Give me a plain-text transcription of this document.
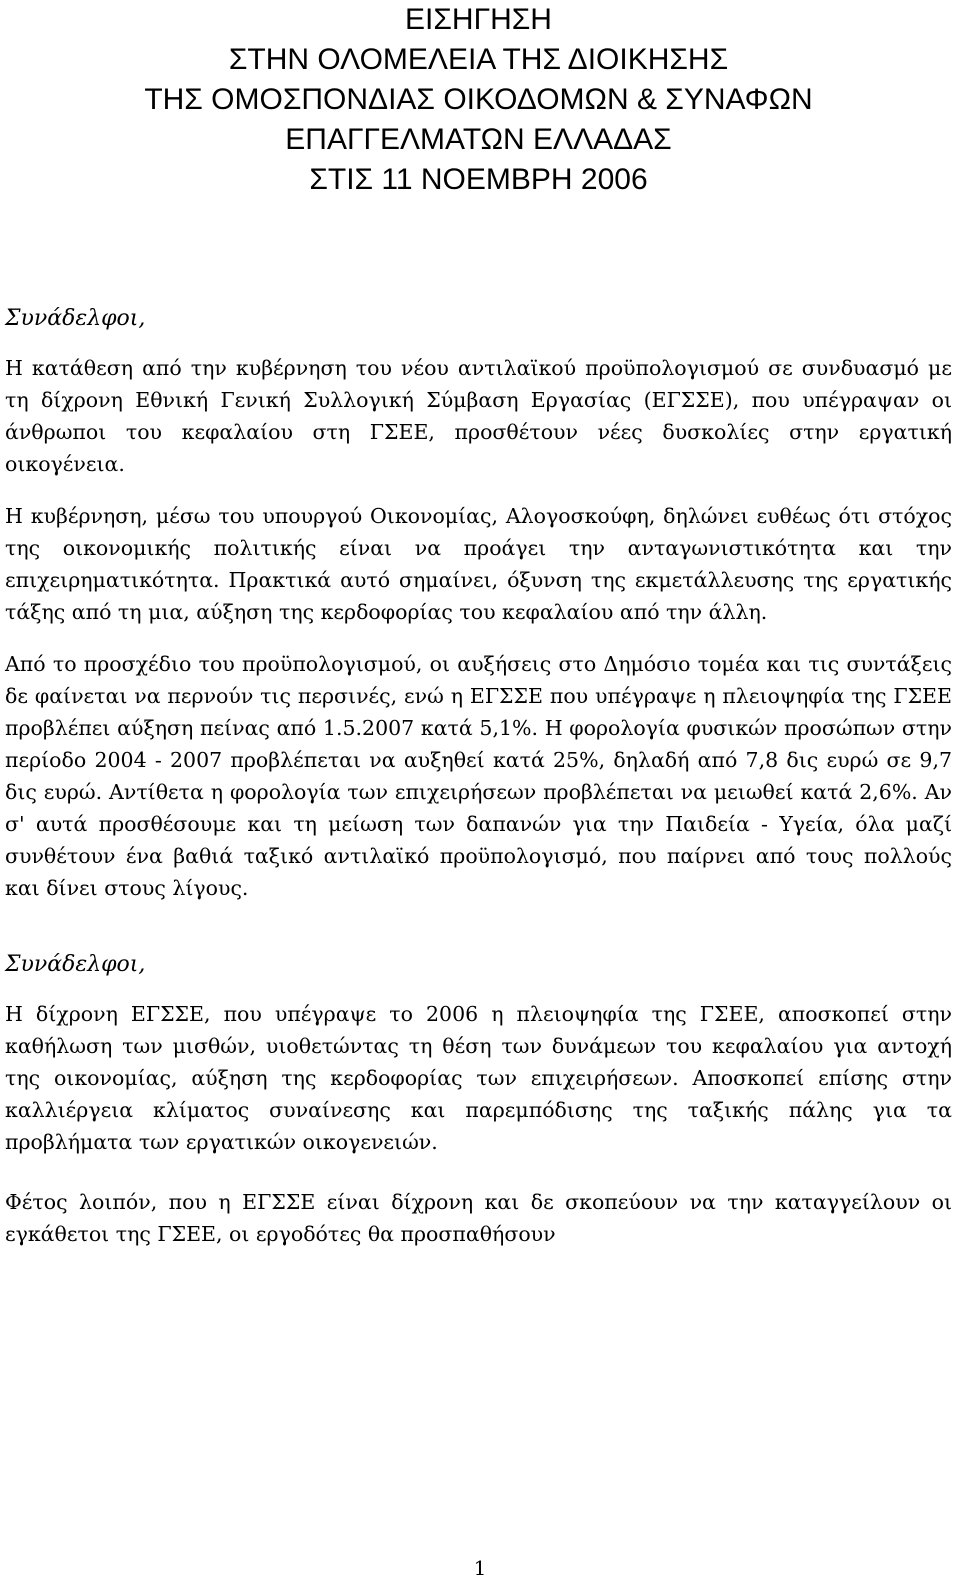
ΕΙΣΗΓΗΣΗ
ΣΤΗΝ ΟΛΟΜΕΛΕΙΑ ΤΗΣ ΔΙΟΙΚΗΣΗΣ
ΤΗΣ ΟΜΟΣΠΟΝΔΙΑΣ ΟΙΚΟΔΟΜΩΝ & ΣΥΝΑΦΩΝ
ΕΠΑΓΓΕΛΜΑΤΩΝ ΕΛΛΑΔΑΣ
ΣΤΙΣ 11 ΝΟΕΜΒΡΗ 2006

Συνάδελφοι,

Η κατάθεση από την κυβέρνηση του νέου αντιλαϊκού προϋπολογισμού σε συνδυασμό με τη δίχρονη Εθνική Γενική Συλλογική Σύμβαση Εργασίας (ΕΓΣΣΕ), που υπέγραψαν οι άνθρωποι του κεφαλαίου στη ΓΣΕΕ, προσθέτουν νέες δυσκολίες στην εργατική οικογένεια.

Η κυβέρνηση, μέσω του υπουργού Οικονομίας, Αλογοσκούφη, δηλώνει ευθέως ότι στόχος της οικονομικής πολιτικής είναι να προάγει την ανταγωνιστικότητα και την επιχειρηματικότητα. Πρακτικά αυτό σημαίνει, όξυνση της εκμετάλλευσης της εργατικής τάξης από τη μια, αύξηση της κερδοφορίας του κεφαλαίου από την άλλη.

Από το προσχέδιο του προϋπολογισμού, οι αυξήσεις στο Δημόσιο τομέα και τις συντάξεις δε φαίνεται να περνούν τις περσινές, ενώ η ΕΓΣΣΕ που υπέγραψε η πλειοψηφία της ΓΣΕΕ προβλέπει αύξηση πείνας από 1.5.2007 κατά 5,1%. Η φορολογία φυσικών προσώπων στην περίοδο 2004 - 2007 προβλέπεται να αυξηθεί κατά 25%, δηλαδή από 7,8 δις ευρώ σε 9,7 δις ευρώ. Αντίθετα η φορολογία των επιχειρήσεων προβλέπεται να μειωθεί κατά 2,6%. Αν σ' αυτά προσθέσουμε και τη μείωση των δαπανών για την Παιδεία - Υγεία, όλα μαζί συνθέτουν ένα βαθιά ταξικό αντιλαϊκό προϋπολογισμό, που παίρνει από τους πολλούς και δίνει στους λίγους.

Συνάδελφοι,

Η δίχρονη ΕΓΣΣΕ, που υπέγραψε το 2006 η πλειοψηφία της ΓΣΕΕ, αποσκοπεί στην καθήλωση των μισθών, υιοθετώντας τη θέση των δυνάμεων του κεφαλαίου για αντοχή της οικονομίας, αύξηση της κερδοφορίας των επιχειρήσεων. Αποσκοπεί επίσης στην καλλιέργεια κλίματος συναίνεσης και παρεμπόδισης της ταξικής πάλης για τα προβλήματα των εργατικών οικογενειών.

Φέτος λοιπόν, που η ΕΓΣΣΕ είναι δίχρονη και δε σκοπεύουν να την καταγγείλουν οι εγκάθετοι της ΓΣΕΕ, οι εργοδότες θα προσπαθήσουν

1
